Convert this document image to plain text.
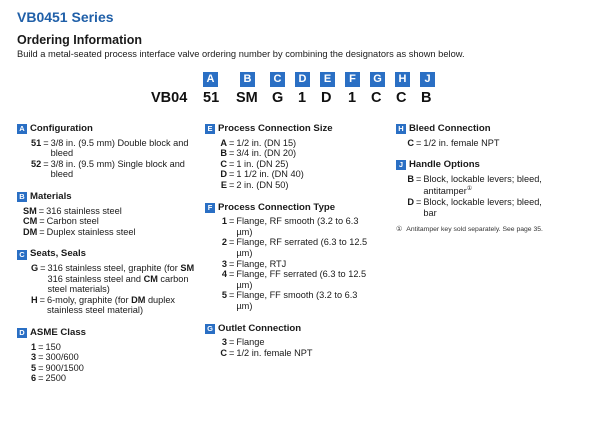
VB0451 Series
Ordering Information
Build a metal-seated process interface valve ordering number by combining the designators as shown below.
A	B	C	D	E	F	G	H	J
VB04 51 SM G 1 D 1 C C B
A Configuration
51 = 3/8 in. (9.5 mm) Double block and bleed
52 = 3/8 in. (9.5 mm) Single block and bleed
B Materials
SM = 316 stainless steel
CM = Carbon steel
DM = Duplex stainless steel
C Seats, Seals
G = 316 stainless steel, graphite (for SM 316 stainless steel and CM carbon steel materials)
H = 6-moly, graphite (for DM duplex stainless steel material)
D ASME Class
1 = 150
3 = 300/600
5 = 900/1500
6 = 2500
E Process Connection Size
A = 1/2 in. (DN 15)
B = 3/4 in. (DN 20)
C = 1 in. (DN 25)
D = 1 1/2 in. (DN 40)
E = 2 in. (DN 50)
F Process Connection Type
1 = Flange, RF smooth (3.2 to 6.3 µm)
2 = Flange, RF serrated (6.3 to 12.5 µm)
3 = Flange, RTJ
4 = Flange, FF serrated (6.3 to 12.5 µm)
5 = Flange, FF smooth (3.2 to 6.3 µm)
G Outlet Connection
3 = Flange
C = 1/2 in. female NPT
H Bleed Connection
C = 1/2 in. female NPT
J Handle Options
B = Block, lockable levers; bleed, antitamper①
D = Block, lockable levers; bleed, bar
① Antitamper key sold separately. See page 35.
